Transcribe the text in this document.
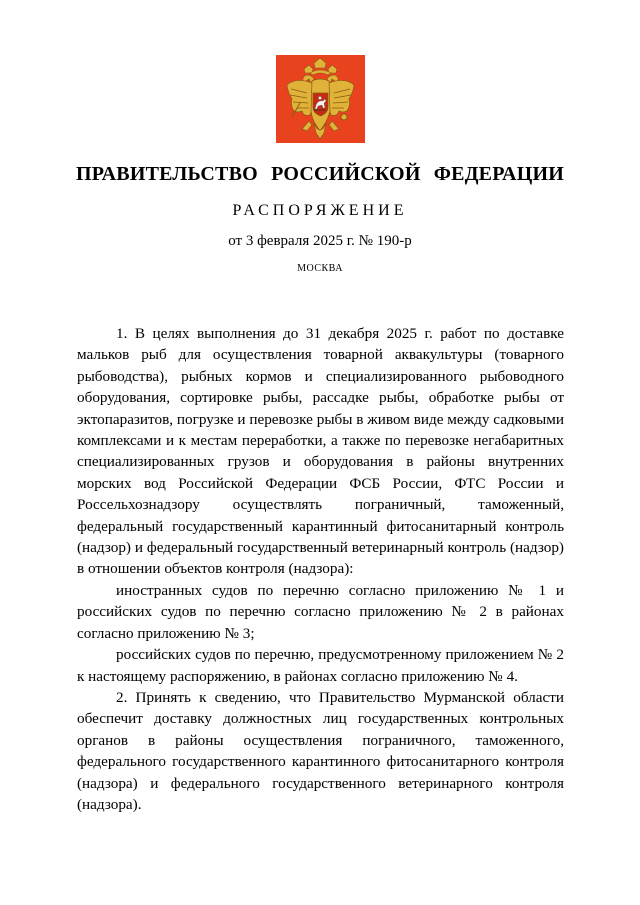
ПРАВИТЕЛЬСТВО РОССИЙСКОЙ ФЕДЕРАЦИИ
РАСПОРЯЖЕНИЕ
от 3 февраля 2025 г. № 190-р
МОСКВА

1. В целях выполнения до 31 декабря 2025 г. работ по доставке мальков рыб для осуществления товарной аквакультуры (товарного рыбоводства), рыбных кормов и специализированного рыбоводного оборудования, сортировке рыбы, рассадке рыбы, обработке рыбы от эктопаразитов, погрузке и перевозке рыбы в живом виде между садковыми комплексами и к местам переработки, а также по перевозке негабаритных специализированных грузов и оборудования в районы внутренних морских вод Российской Федерации ФСБ России, ФТС России и Россельхознадзору осуществлять пограничный, таможенный, федеральный государственный карантинный фитосанитарный контроль (надзор) и федеральный государственный ветеринарный контроль (надзор) в отношении объектов контроля (надзора):

иностранных судов по перечню согласно приложению № 1 и российских судов по перечню согласно приложению № 2 в районах согласно приложению № 3;

российских судов по перечню, предусмотренному приложением № 2 к настоящему распоряжению, в районах согласно приложению № 4.

2. Принять к сведению, что Правительство Мурманской области обеспечит доставку должностных лиц государственных контрольных органов в районы осуществления пограничного, таможенного, федерального государственного карантинного фитосанитарного контроля (надзора) и федерального государственного ветеринарного контроля (надзора).
